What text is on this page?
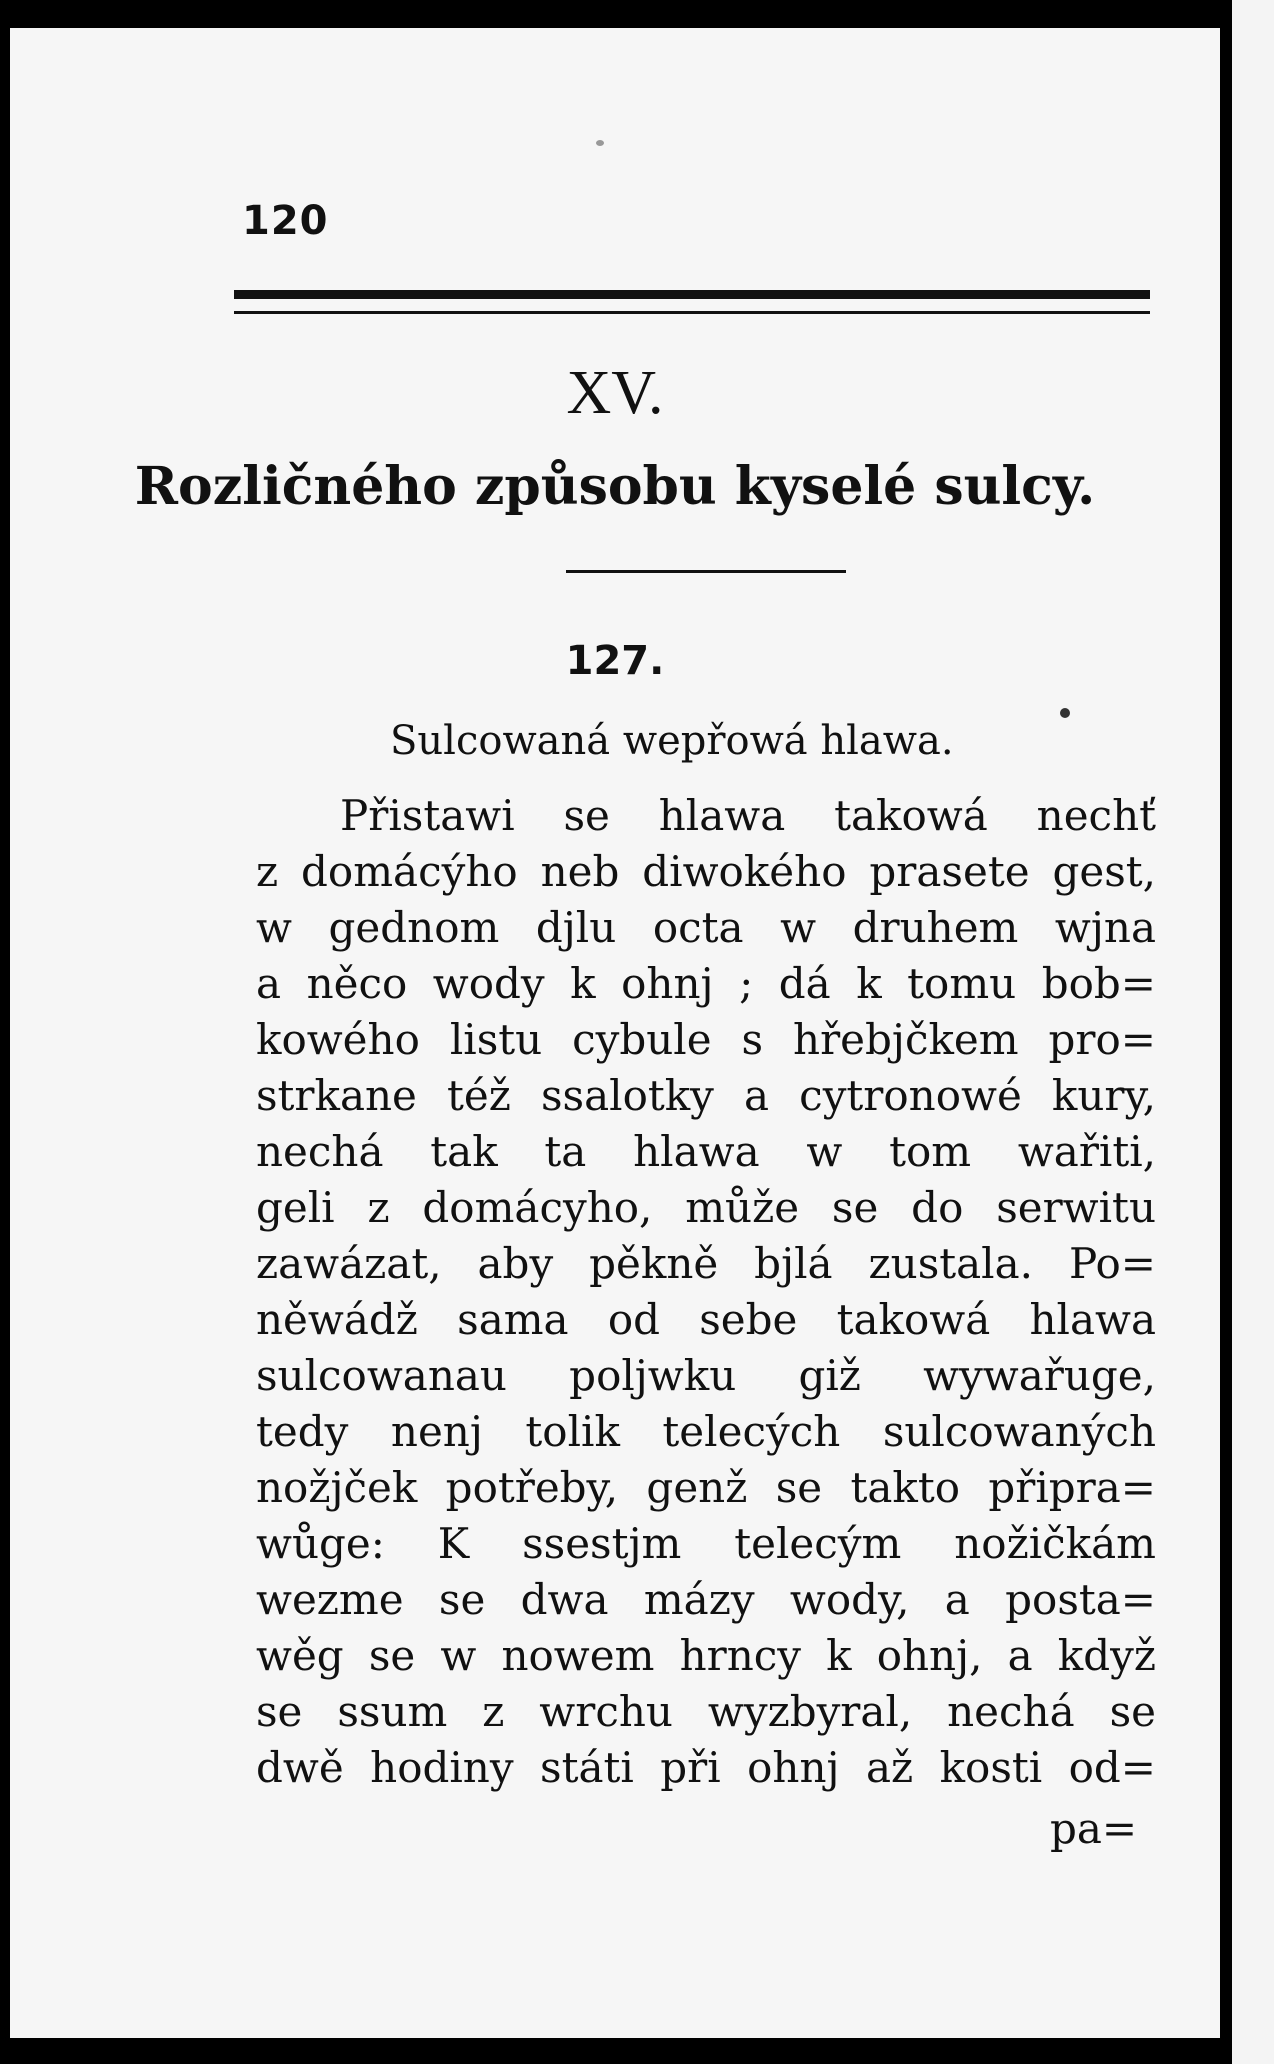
120
XV.
Rozličného způsobu kyselé sulcy.
127.
Sulcowaná wepřowá hlawa.
Přistawi se hlawa takowá nechť
z domácýho neb diwokého prasete gest,
w gednom djlu octa w druhem wjna
a něco wody k ohnj ; dá k tomu bob=
kowého listu cybule s hřebjčkem pro=
strkane též ssalotky a cytronowé kury,
nechá tak ta hlawa w tom wařiti,
geli z domácyho, může se do serwitu
zawázat, aby pěkně bjlá zustala. Po=
něwádž sama od sebe takowá hlawa
sulcowanau poljwku giž wywařuge,
tedy nenj tolik telecých sulcowaných
nožjček potřeby, genž se takto připra=
wůge: K ssestjm telecým nožičkám
wezme se dwa mázy wody, a posta=
wěg se w nowem hrncy k ohnj, a když
se ssum z wrchu wyzbyral, nechá se
dwě hodiny státi při ohnj až kosti od=
pa=
